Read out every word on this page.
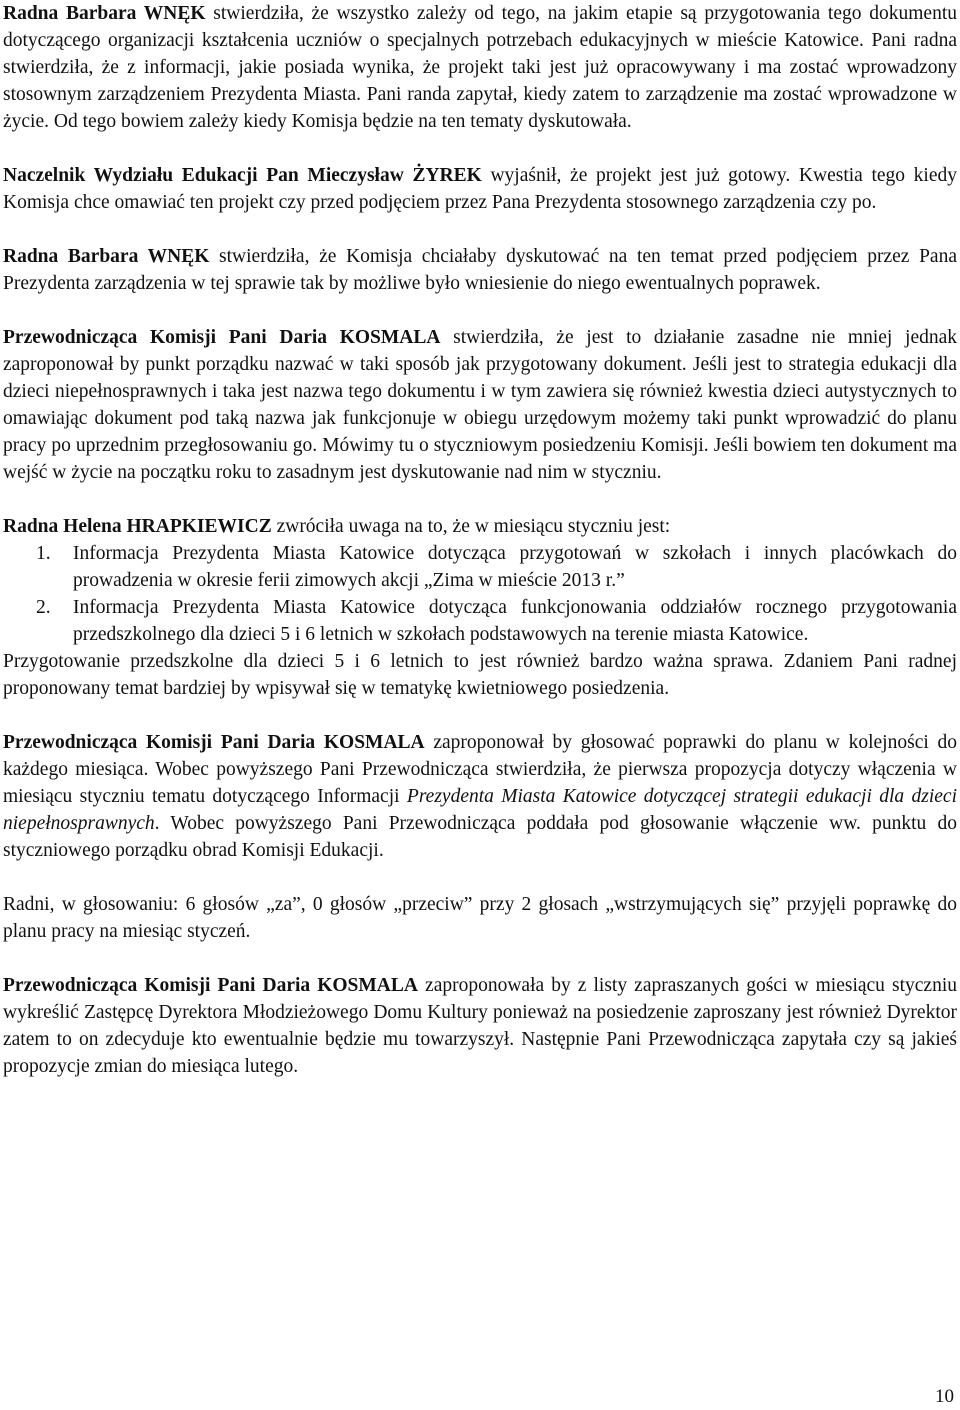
Radna Barbara WNĘK stwierdziła, że wszystko zależy od tego, na jakim etapie są przygotowania tego dokumentu dotyczącego organizacji kształcenia uczniów o specjalnych potrzebach edukacyjnych w mieście Katowice. Pani radna stwierdziła, że z informacji, jakie posiada wynika, że projekt taki jest już opracowywany i ma zostać wprowadzony stosownym zarządzeniem Prezydenta Miasta. Pani randa zapytał, kiedy zatem to zarządzenie ma zostać wprowadzone w życie. Od tego bowiem zależy kiedy Komisja będzie na ten tematy dyskutowała.

Naczelnik Wydziału Edukacji Pan Mieczysław ŻYREK wyjaśnił, że projekt jest już gotowy. Kwestia tego kiedy Komisja chce omawiać ten projekt czy przed podjęciem przez Pana Prezydenta stosownego zarządzenia czy po.

Radna Barbara WNĘK stwierdziła, że Komisja chciałaby dyskutować na ten temat przed podjęciem przez Pana Prezydenta zarządzenia w tej sprawie tak by możliwe było wniesienie do niego ewentualnych poprawek.

Przewodnicząca Komisji Pani Daria KOSMALA stwierdziła, że jest to działanie zasadne nie mniej jednak zaproponował by punkt porządku nazwać w taki sposób jak przygotowany dokument. Jeśli jest to strategia edukacji dla dzieci niepełnosprawnych i taka jest nazwa tego dokumentu i w tym zawiera się również kwestia dzieci autystycznych to omawiając dokument pod taką nazwa jak funkcjonuje w obiegu urzędowym możemy taki punkt wprowadzić do planu pracy po uprzednim przegłosowaniu go. Mówimy tu o styczniowym posiedzeniu Komisji. Jeśli bowiem ten dokument ma wejść w życie na początku roku to zasadnym jest dyskutowanie nad nim w styczniu.

Radna Helena HRAPKIEWICZ zwróciła uwaga na to, że w miesiącu styczniu jest:

1.	Informacja Prezydenta Miasta Katowice dotycząca przygotowań w szkołach i innych placówkach do prowadzenia w okresie ferii zimowych akcji „Zima w mieście 2013 r.”
2.	Informacja Prezydenta Miasta Katowice dotycząca funkcjonowania oddziałów rocznego przygotowania przedszkolnego dla dzieci 5 i 6 letnich w szkołach podstawowych na terenie miasta Katowice.

Przygotowanie przedszkolne dla dzieci 5 i 6 letnich to jest również bardzo ważna sprawa. Zdaniem Pani radnej proponowany temat bardziej by wpisywał się w tematykę kwietniowego posiedzenia.

Przewodnicząca Komisji Pani Daria KOSMALA zaproponował by głosować poprawki do planu w kolejności do każdego miesiąca. Wobec powyższego Pani Przewodnicząca stwierdziła, że pierwsza propozycja dotyczy włączenia w miesiącu styczniu tematu dotyczącego Informacji Prezydenta Miasta Katowice dotyczącej strategii edukacji dla dzieci niepełnosprawnych. Wobec powyższego Pani Przewodnicząca poddała pod głosowanie włączenie ww. punktu do styczniowego porządku obrad Komisji Edukacji.

Radni, w głosowaniu: 6 głosów „za”, 0 głosów „przeciw” przy 2 głosach „wstrzymujących się” przyjęli poprawkę do planu pracy na miesiąc styczeń.

Przewodnicząca Komisji Pani Daria KOSMALA zaproponowała by z listy zapraszanych gości w miesiącu styczniu wykreślić Zastępcę Dyrektora Młodzieżowego Domu Kultury ponieważ na posiedzenie zaproszany jest również Dyrektor zatem to on zdecyduje kto ewentualnie będzie mu towarzyszył. Następnie Pani Przewodnicząca zapytała czy są jakieś propozycje zmian do miesiąca lutego.

10
